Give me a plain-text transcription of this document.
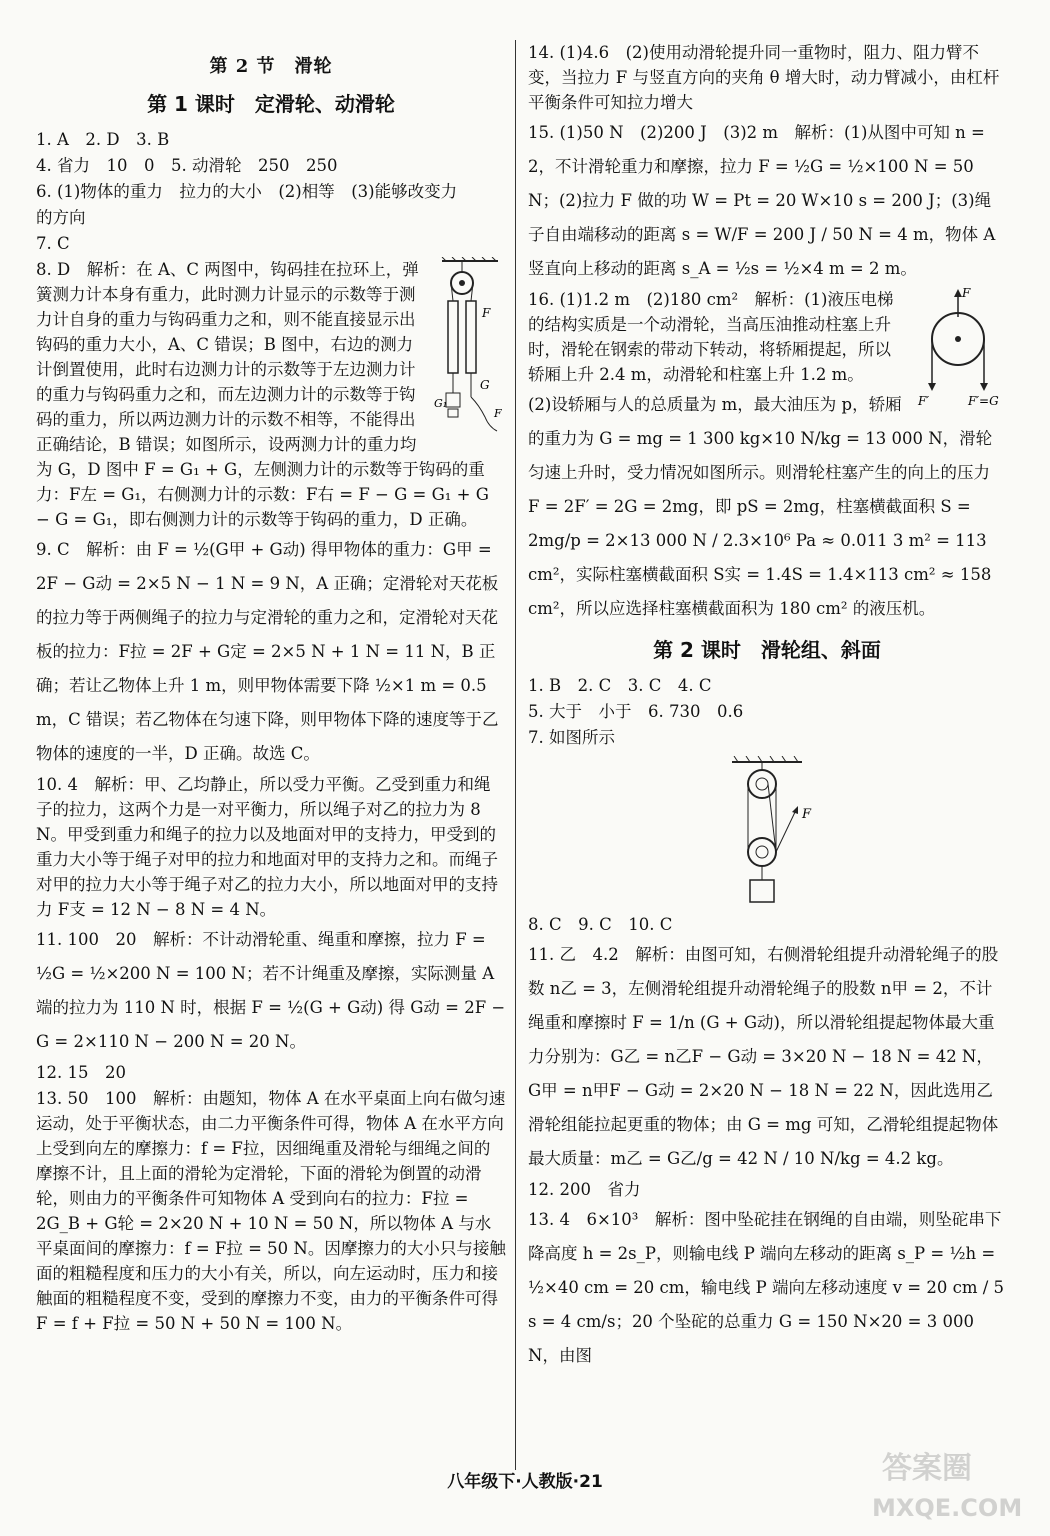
第 2 节　滑轮
第 1 课时　定滑轮、动滑轮
1. A　2. D　3. B
4. 省力　10　0　5. 动滑轮　250　250
6. (1)物体的重力　拉力的大小　(2)相等　(3)能够改变力
的方向
7. C
F
G
G₁
F
8. D　解析：在 A、C 两图中，钩码挂在拉环上，弹簧测力计本身有重力，此时测力计显示的示数等于测力计自身的重力与钩码重力之和，则不能直接显示出钩码的重力大小，A、C 错误；B 图中，右边的测力计倒置使用，此时右边测力计的示数等于左边测力计的重力与钩码重力之和，而左边测力计的示数等于钩码的重力，所以两边测力计的示数不相等，不能得出正确结论，B 错误；如图所示，设两测力计的重力均为 G，D 图中 F = G₁ + G，左侧测力计的示数等于钩码的重力：F左 = G₁，右侧测力计的示数：F右 = F − G = G₁ + G − G = G₁，即右侧测力计的示数等于钩码的重力，D 正确。
9. C　解析：由 F = ½(G甲 + G动) 得甲物体的重力：G甲 = 2F − G动 = 2×5 N − 1 N = 9 N，A 正确；定滑轮对天花板的拉力等于两侧绳子的拉力与定滑轮的重力之和，定滑轮对天花板的拉力：F拉 = 2F + G定 = 2×5 N + 1 N = 11 N，B 正确；若让乙物体上升 1 m，则甲物体需要下降 ½×1 m = 0.5 m，C 错误；若乙物体在匀速下降，则甲物体下降的速度等于乙物体的速度的一半，D 正确。故选 C。
10. 4　解析：甲、乙均静止，所以受力平衡。乙受到重力和绳子的拉力，这两个力是一对平衡力，所以绳子对乙的拉力为 8 N。甲受到重力和绳子的拉力以及地面对甲的支持力，甲受到的重力大小等于绳子对甲的拉力和地面对甲的支持力之和。而绳子对甲的拉力大小等于绳子对乙的拉力大小，所以地面对甲的支持力 F支 = 12 N − 8 N = 4 N。
11. 100　20　解析：不计动滑轮重、绳重和摩擦，拉力 F = ½G = ½×200 N = 100 N；若不计绳重及摩擦，实际测量 A 端的拉力为 110 N 时，根据 F = ½(G + G动) 得 G动 = 2F − G = 2×110 N − 200 N = 20 N。
12. 15　20
13. 50　100　解析：由题知，物体 A 在水平桌面上向右做匀速运动，处于平衡状态，由二力平衡条件可得，物体 A 在水平方向上受到向左的摩擦力：f = F拉，因细绳重及滑轮与细绳之间的摩擦不计，且上面的滑轮为定滑轮，下面的滑轮为倒置的动滑轮，则由力的平衡条件可知物体 A 受到向右的拉力：F拉 = 2G_B + G轮 = 2×20 N + 10 N = 50 N，所以物体 A 与水平桌面间的摩擦力：f = F拉 = 50 N。因摩擦力的大小只与接触面的粗糙程度和压力的大小有关，所以，向左运动时，压力和接触面的粗糙程度不变，受到的摩擦力不变，由力的平衡条件可得 F = f + F拉 = 50 N + 50 N = 100 N。
14. (1)4.6　(2)使用动滑轮提升同一重物时，阻力、阻力臂不变，当拉力 F 与竖直方向的夹角 θ 增大时，动力臂减小，由杠杆平衡条件可知拉力增大
15. (1)50 N　(2)200 J　(3)2 m　解析：(1)从图中可知 n = 2，不计滑轮重力和摩擦，拉力 F = ½G = ½×100 N = 50 N；(2)拉力 F 做的功 W = Pt = 20 W×10 s = 200 J；(3)绳子自由端移动的距离 s = W/F = 200 J / 50 N = 4 m，物体 A 竖直向上移动的距离 s_A = ½s = ½×4 m = 2 m。
F
F′	F′=G
16. (1)1.2 m　(2)180 cm²　解析：(1)液压电梯的结构实质是一个动滑轮，当高压油推动柱塞上升时，滑轮在钢索的带动下转动，将轿厢提起，所以轿厢上升 2.4 m，动滑轮和柱塞上升 1.2 m。
(2)设轿厢与人的总质量为 m，最大油压为 p，轿厢的重力为 G = mg = 1 300 kg×10 N/kg = 13 000 N，滑轮匀速上升时，受力情况如图所示。则滑轮柱塞产生的向上的压力 F = 2F′ = 2G = 2mg，即 pS = 2mg，柱塞横截面积 S = 2mg/p = 2×13 000 N / 2.3×10⁶ Pa ≈ 0.011 3 m² = 113 cm²，实际柱塞横截面积 S实 = 1.4S = 1.4×113 cm² ≈ 158 cm²，所以应选择柱塞横截面积为 180 cm² 的液压机。
第 2 课时　滑轮组、斜面
1. B　2. C　3. C　4. C
5. 大于　小于　6. 730　0.6
7. 如图所示
F
8. C　9. C　10. C
11. 乙　4.2　解析：由图可知，右侧滑轮组提升动滑轮绳子的股数 n乙 = 3，左侧滑轮组提升动滑轮绳子的股数 n甲 = 2，不计绳重和摩擦时 F = 1/n (G + G动)，所以滑轮组提起物体最大重力分别为：G乙 = n乙F − G动 = 3×20 N − 18 N = 42 N，G甲 = n甲F − G动 = 2×20 N − 18 N = 22 N，因此选用乙滑轮组能拉起更重的物体；由 G = mg 可知，乙滑轮组提起物体最大质量：m乙 = G乙/g = 42 N / 10 N/kg = 4.2 kg。
12. 200　省力
13. 4　6×10³　解析：图中坠砣挂在钢绳的自由端，则坠砣串下降高度 h = 2s_P，则输电线 P 端向左移动的距离 s_P = ½h = ½×40 cm = 20 cm，输电线 P 端向左移动速度 v = 20 cm / 5 s = 4 cm/s；20 个坠砣的总重力 G = 150 N×20 = 3 000 N，由图
八年级下·人教版·21	答案圈
MXQE.COM
